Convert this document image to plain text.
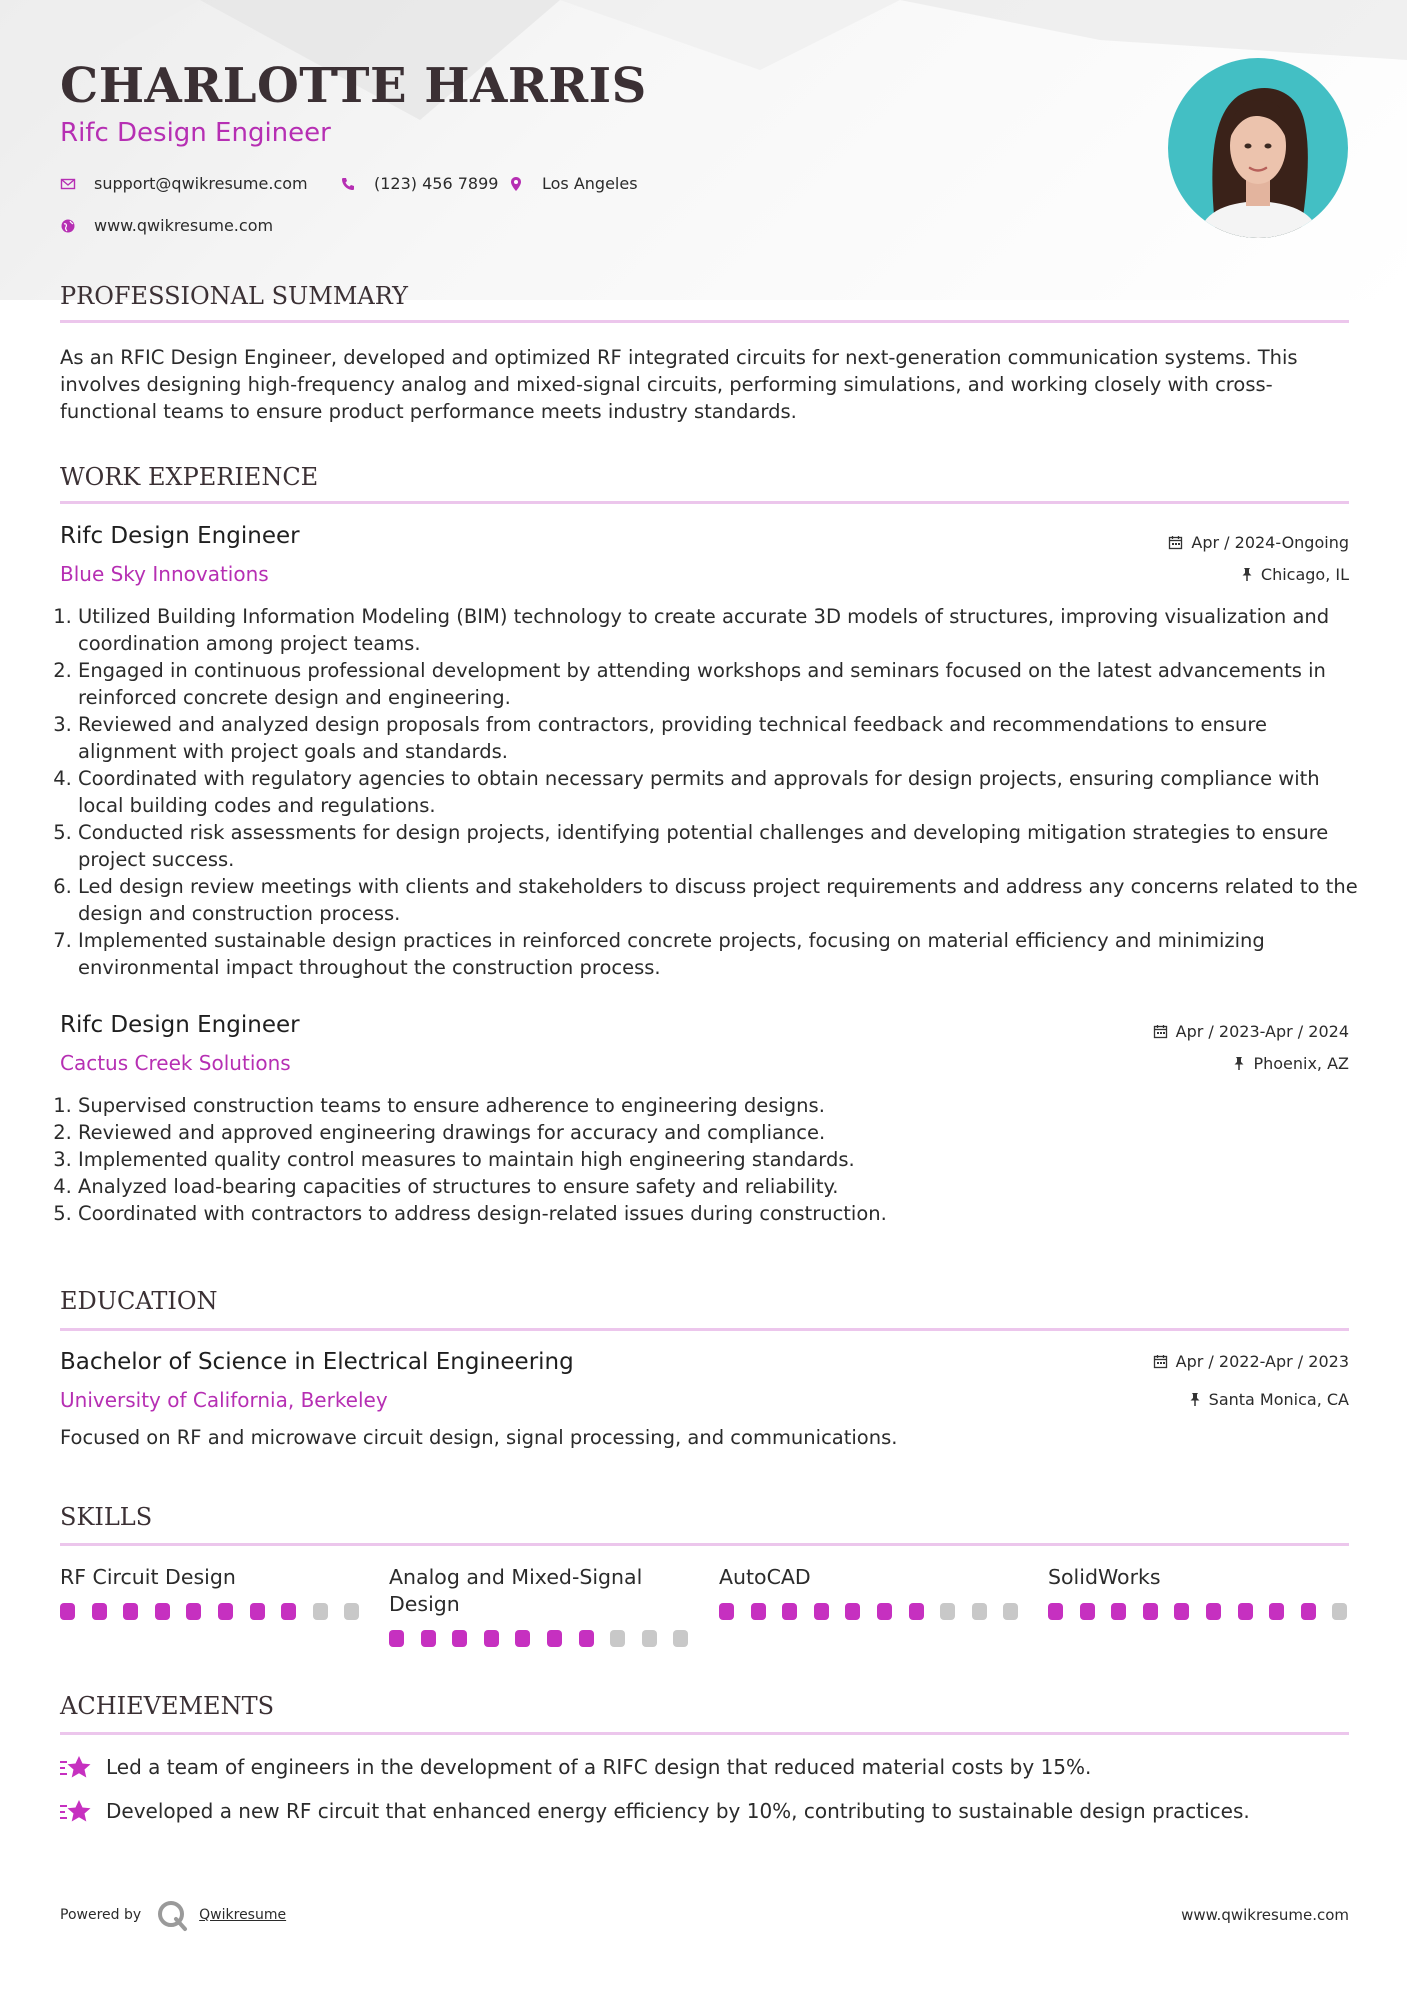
CHARLOTTE HARRIS
Rifc Design Engineer
support@qwikresume.com	(123) 456 7899	Los Angeles
www.qwikresume.com
PROFESSIONAL SUMMARY
As an RFIC Design Engineer, developed and optimized RF integrated circuits for next-generation communication systems. This involves designing high-frequency analog and mixed-signal circuits, performing simulations, and working closely with cross-functional teams to ensure product performance meets industry standards.
WORK EXPERIENCE
Rifc Design Engineer	Apr / 2024-Ongoing
Blue Sky Innovations	Chicago, IL
1. Utilized Building Information Modeling (BIM) technology to create accurate 3D models of structures, improving visualization and coordination among project teams.
2. Engaged in continuous professional development by attending workshops and seminars focused on the latest advancements in reinforced concrete design and engineering.
3. Reviewed and analyzed design proposals from contractors, providing technical feedback and recommendations to ensure alignment with project goals and standards.
4. Coordinated with regulatory agencies to obtain necessary permits and approvals for design projects, ensuring compliance with local building codes and regulations.
5. Conducted risk assessments for design projects, identifying potential challenges and developing mitigation strategies to ensure project success.
6. Led design review meetings with clients and stakeholders to discuss project requirements and address any concerns related to the design and construction process.
7. Implemented sustainable design practices in reinforced concrete projects, focusing on material efficiency and minimizing environmental impact throughout the construction process.
Rifc Design Engineer	Apr / 2023-Apr / 2024
Cactus Creek Solutions	Phoenix, AZ
1. Supervised construction teams to ensure adherence to engineering designs.
2. Reviewed and approved engineering drawings for accuracy and compliance.
3. Implemented quality control measures to maintain high engineering standards.
4. Analyzed load-bearing capacities of structures to ensure safety and reliability.
5. Coordinated with contractors to address design-related issues during construction.
EDUCATION
Bachelor of Science in Electrical Engineering	Apr / 2022-Apr / 2023
University of California, Berkeley	Santa Monica, CA
Focused on RF and microwave circuit design, signal processing, and communications.
SKILLS
RF Circuit Design	Analog and Mixed-Signal Design
AutoCAD	SolidWorks
ACHIEVEMENTS
Led a team of engineers in the development of a RIFC design that reduced material costs by 15%.
Developed a new RF circuit that enhanced energy efficiency by 10%, contributing to sustainable design practices.
Powered by	Qwikresume	www.qwikresume.com
